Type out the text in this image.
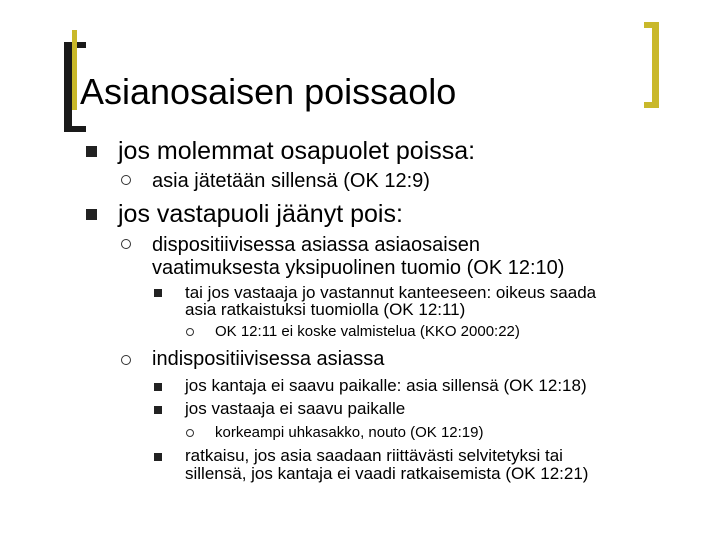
Asianosaisen poissaolo
jos molemmat osapuolet poissa:
asia jätetään sillensä (OK 12:9)
jos vastapuoli jäänyt pois:
dispositiivisessa asiassa asiaosaisen
vaatimuksesta yksipuolinen tuomio (OK 12:10)
tai jos vastaaja jo vastannut kanteeseen: oikeus saada
asia ratkaistuksi tuomiolla (OK 12:11)
OK 12:11 ei koske valmistelua (KKO 2000:22)
indispositiivisessa asiassa
jos kantaja ei saavu paikalle: asia sillensä (OK 12:18)
jos vastaaja ei saavu paikalle
korkeampi uhkasakko, nouto (OK 12:19)
ratkaisu, jos asia saadaan riittävästi selvitetyksi tai
sillensä, jos kantaja ei vaadi ratkaisemista (OK 12:21)
